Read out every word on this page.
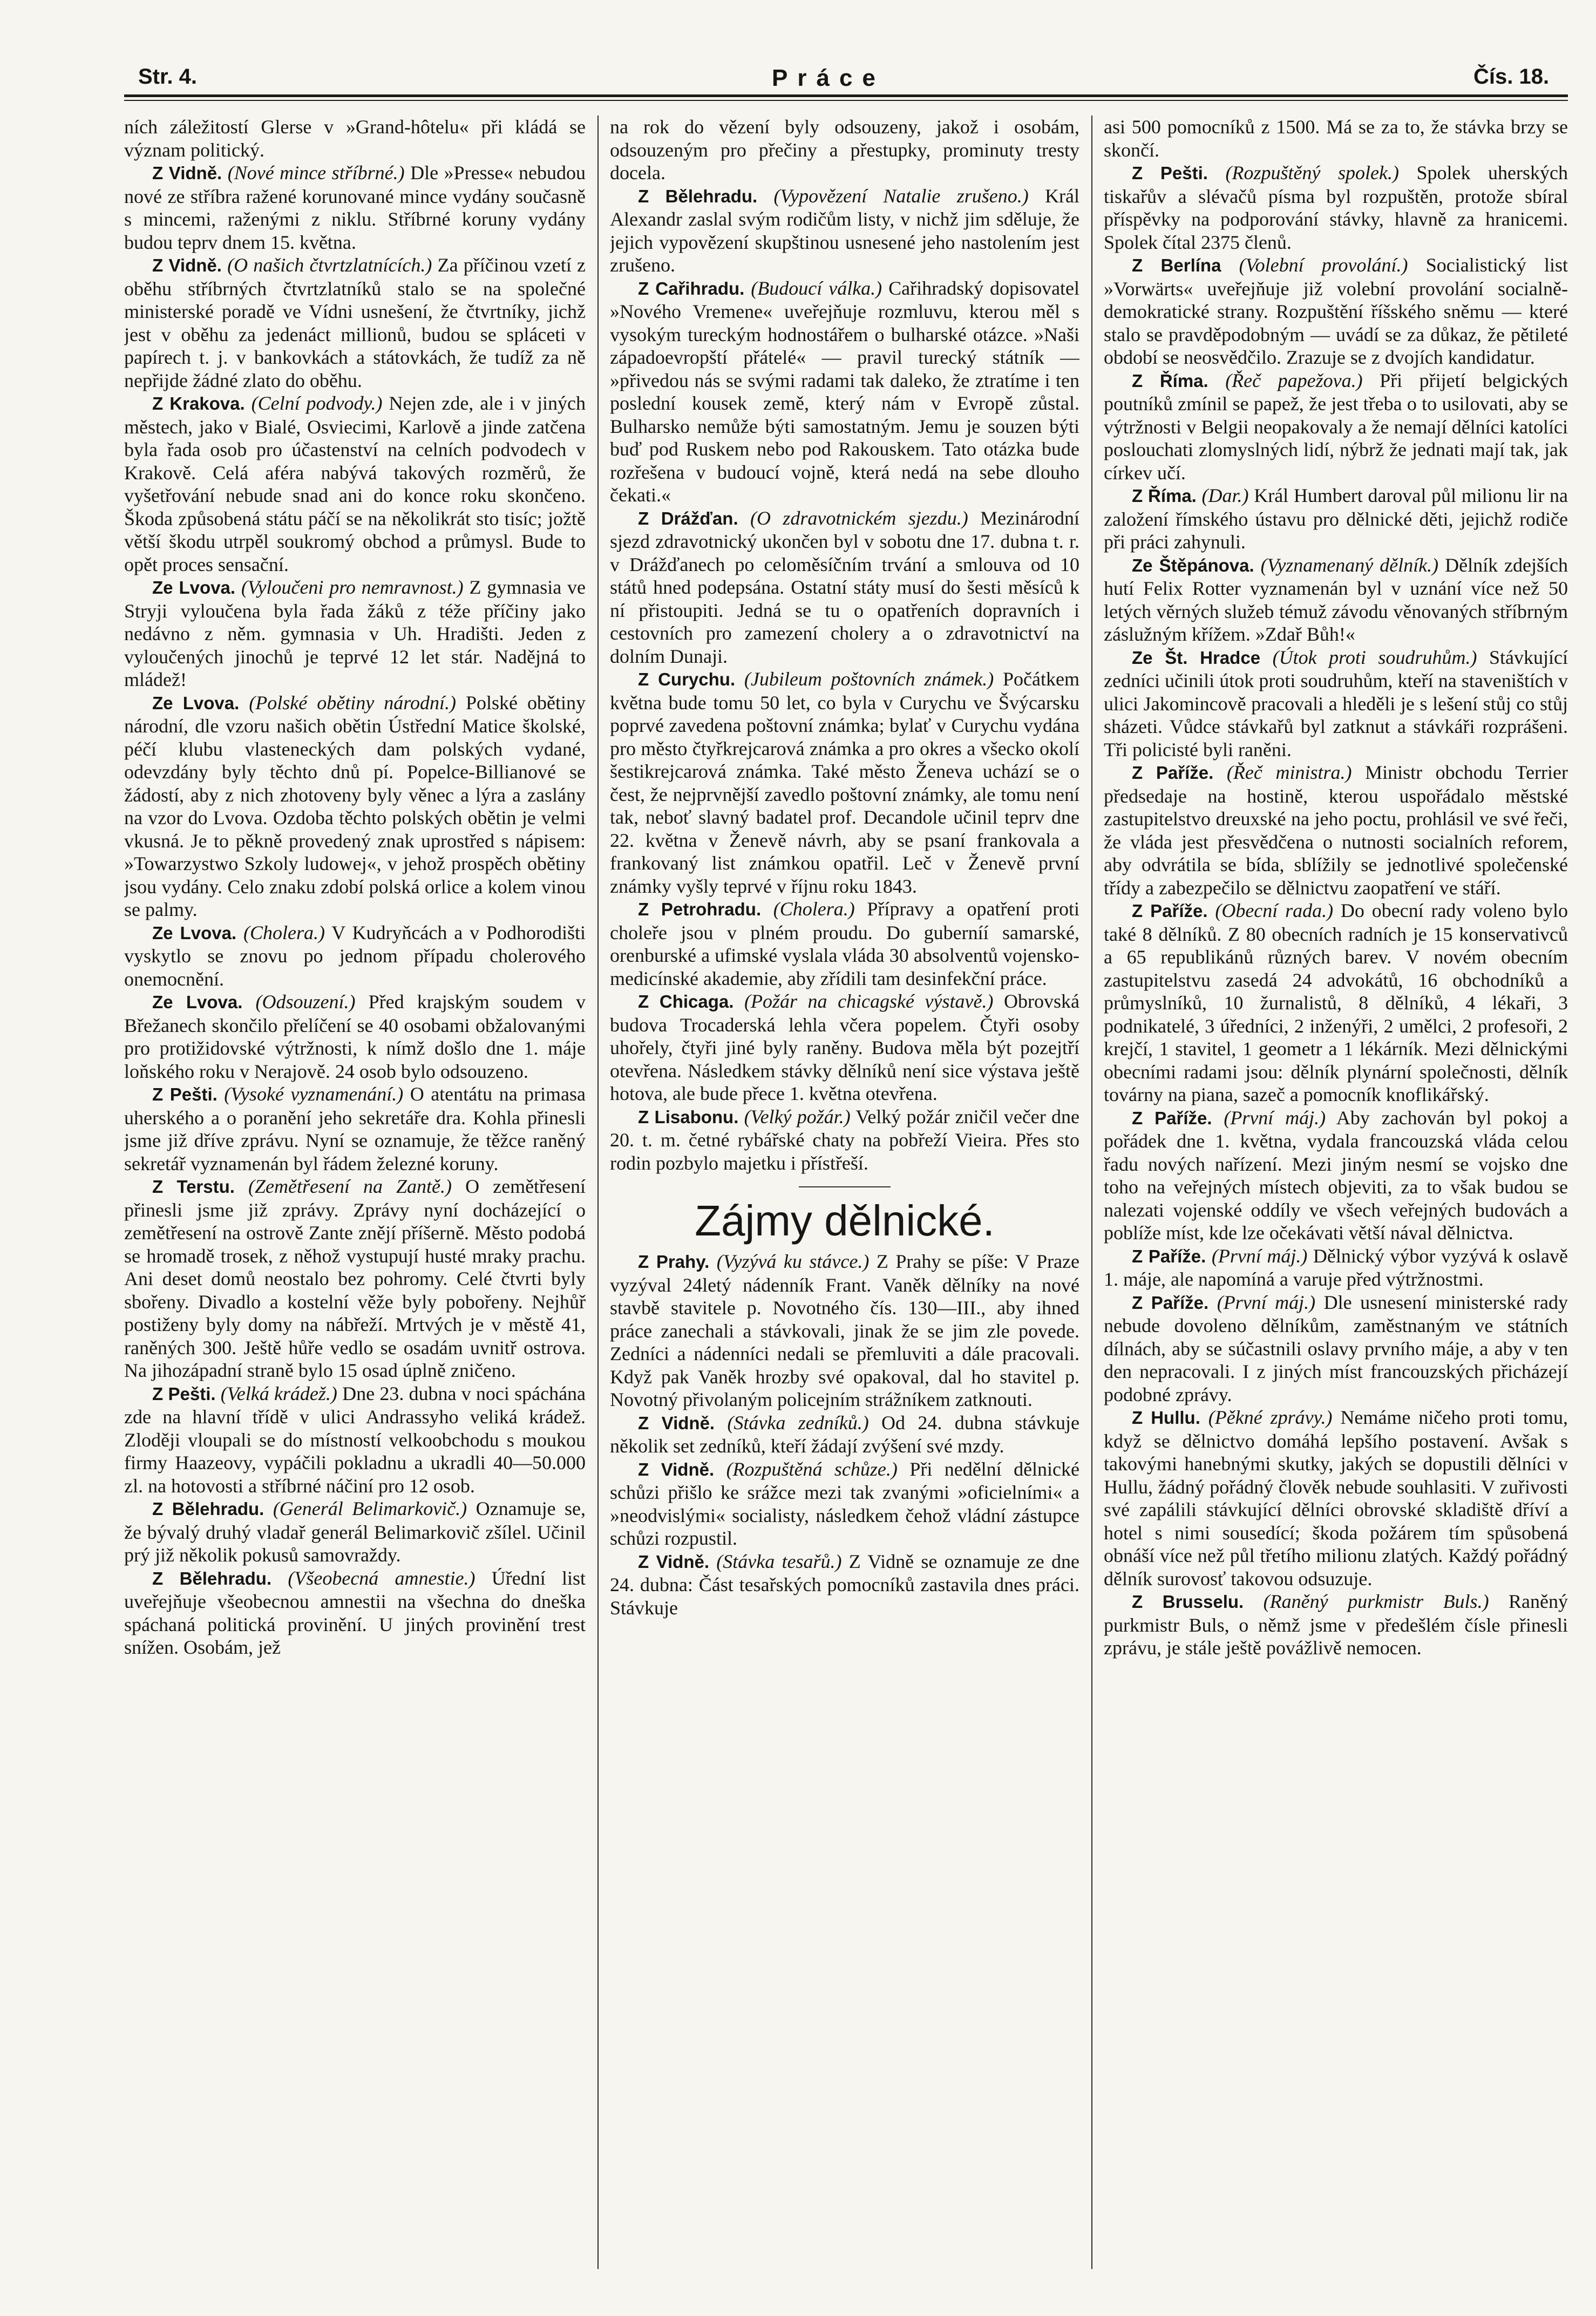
Str. 4.	Práce	Čís. 18.

ních záležitostí Glerse v »Grand-hôtelu« při kládá se význam politický.

Z Vidně. (Nové mince stříbrné.) Dle »Presse« nebudou nové ze stříbra ražené korunované mince vydány současně s mincemi, raženými z niklu. Stříbrné koruny vydány budou teprv dnem 15. května.

Z Vidně. (O našich čtvrtzlatnících.) Za příčinou vzetí z oběhu stříbrných čtvrtzlatníků stalo se na společné ministerské poradě ve Vídni usnešení, že čtvrtníky, jichž jest v oběhu za jedenáct millionů, budou se spláceti v papírech t. j. v bankovkách a státovkách, že tudíž za ně nepřijde žádné zlato do oběhu.

Z Krakova. (Celní podvody.) Nejen zde, ale i v jiných městech, jako v Bialé, Osviecimi, Karlově a jinde zatčena byla řada osob pro účastenství na celních podvodech v Krakově. Celá aféra nabývá takových rozměrů, že vyšetřování nebude snad ani do konce roku skončeno. Škoda způsobená státu páčí se na několikrát sto tisíc; jožtě větší škodu utrpěl soukromý obchod a průmysl. Bude to opět proces sensační.

Ze Lvova. (Vyloučeni pro nemravnost.) Z gymnasia ve Stryji vyloučena byla řada žáků z téže příčiny jako nedávno z něm. gymnasia v Uh. Hradišti. Jeden z vyloučených jinochů je teprvé 12 let stár. Nadějná to mládež!

Ze Lvova. (Polské obětiny národní.) Polské obětiny národní, dle vzoru našich obětin Ústřední Matice školské, péčí klubu vlasteneckých dam polských vydané, odevzdány byly těchto dnů pí. Popelce-Billianové se žádostí, aby z nich zhotoveny byly věnec a lýra a zaslány na vzor do Lvova. Ozdoba těchto polských obětin je velmi vkusná. Je to pěkně provedený znak uprostřed s nápisem: »Towarzystwo Szkoly ludowej«, v jehož prospěch obětiny jsou vydány. Celo znaku zdobí polská orlice a kolem vinou se palmy.

Ze Lvova. (Cholera.) V Kudryňcách a v Podhorodišti vyskytlo se znovu po jednom případu cholerového onemocnění.

Ze Lvova. (Odsouzení.) Před krajským soudem v Břežanech skončilo přelíčení se 40 osobami obžalovanými pro protižidovské výtržnosti, k nímž došlo dne 1. máje loňského roku v Nerajově. 24 osob bylo odsouzeno.

Z Pešti. (Vysoké vyznamenání.) O atentátu na primasa uherského a o poranění jeho sekretáře dra. Kohla přinesli jsme již dříve zprávu. Nyní se oznamuje, že těžce raněný sekretář vyznamenán byl řádem železné koruny.

Z Terstu. (Zemětřesení na Zantě.) O zemětřesení přinesli jsme již zprávy. Zprávy nyní docházející o zemětřesení na ostrově Zante znějí příšerně. Město podobá se hromadě trosek, z něhož vystupují husté mraky prachu. Ani deset domů neostalo bez pohromy. Celé čtvrti byly sbořeny. Divadlo a kostelní věže byly pobořeny. Nejhůř postiženy byly domy na nábřeží. Mrtvých je v městě 41, raněných 300. Ještě hůře vedlo se osadám uvnitř ostrova. Na jihozápadní straně bylo 15 osad úplně zničeno.

Z Pešti. (Velká krádež.) Dne 23. dubna v noci spáchána zde na hlavní třídě v ulici Andrassyho veliká krádež. Zloději vloupali se do místností velkoobchodu s moukou firmy Haazeovy, vypáčili pokladnu a ukradli 40—50.000 zl. na hotovosti a stříbrné náčiní pro 12 osob.

Z Bělehradu. (Generál Belimarkovič.) Oznamuje se, že bývalý druhý vladař generál Belimarkovič zšílel. Učinil prý již několik pokusů samovraždy.

Z Bělehradu. (Všeobecná amnestie.) Úřední list uveřejňuje všeobecnou amnestii na všechna do dneška spáchaná politická provinění. U jiných provinění trest snížen. Osobám, jež

na rok do vězení byly odsouzeny, jakož i osobám, odsouzeným pro přečiny a přestupky, prominuty tresty docela.

Z Bělehradu. (Vypovězení Natalie zrušeno.) Král Alexandr zaslal svým rodičům listy, v nichž jim sděluje, že jejich vypovězení skupštinou usnesené jeho nastolením jest zrušeno.

Z Cařihradu. (Budoucí válka.) Cařihradský dopisovatel »Nového Vremene« uveřejňuje rozmluvu, kterou měl s vysokým tureckým hodnostářem o bulharské otázce. »Naši západoevropští přátelé« — pravil turecký státník — »přivedou nás se svými radami tak daleko, že ztratíme i ten poslední kousek země, který nám v Evropě zůstal. Bulharsko nemůže býti samostatným. Jemu je souzen býti buď pod Ruskem nebo pod Rakouskem. Tato otázka bude rozřešena v budoucí vojně, která nedá na sebe dlouho čekati.«

Z Drážďan. (O zdravotnickém sjezdu.) Mezinárodní sjezd zdravotnický ukončen byl v sobotu dne 17. dubna t. r. v Drážďanech po celoměsíčním trvání a smlouva od 10 států hned podepsána. Ostatní státy musí do šesti měsíců k ní přistoupiti. Jedná se tu o opatřeních dopravních i cestovních pro zamezení cholery a o zdravotnictví na dolním Dunaji.

Z Curychu. (Jubileum poštovních známek.) Počátkem května bude tomu 50 let, co byla v Curychu ve Švýcarsku poprvé zavedena poštovní známka; bylať v Curychu vydána pro město čtyřkrejcarová známka a pro okres a všecko okolí šestikrejcarová známka. Také město Ženeva uchází se o čest, že nejprvnější zavedlo poštovní známky, ale tomu není tak, neboť slavný badatel prof. Decandole učinil teprv dne 22. května v Ženevě návrh, aby se psaní frankovala a frankovaný list známkou opatřil. Leč v Ženevě první známky vyšly teprvé v říjnu roku 1843.

Z Petrohradu. (Cholera.) Přípravy a opatření proti choleře jsou v plném proudu. Do guberníí samarské, orenburské a ufimské vyslala vláda 30 absolventů vojensko-medicínské akademie, aby zřídili tam desinfekční práce.

Z Chicaga. (Požár na chicagské výstavě.) Obrovská budova Trocaderská lehla včera popelem. Čtyři osoby uhořely, čtyři jiné byly raněny. Budova měla být pozejtří otevřena. Následkem stávky dělníků není sice výstava ještě hotova, ale bude přece 1. května otevřena.

Z Lisabonu. (Velký požár.) Velký požár zničil večer dne 20. t. m. četné rybářské chaty na pobřeží Vieira. Přes sto rodin pozbylo majetku i přístřeší.

Zájmy dělnické.

Z Prahy. (Vyzývá ku stávce.) Z Prahy se píše: V Praze vyzýval 24letý nádenník Frant. Vaněk dělníky na nové stavbě stavitele p. Novotného čís. 130—III., aby ihned práce zanechali a stávkovali, jinak že se jim zle povede. Zedníci a nádenníci nedali se přemluviti a dále pracovali. Když pak Vaněk hrozby své opakoval, dal ho stavitel p. Novotný přivolaným policejním strážníkem zatknouti.

Z Vidně. (Stávka zedníků.) Od 24. dubna stávkuje několik set zedníků, kteří žádají zvýšení své mzdy.

Z Vidně. (Rozpuštěná schůze.) Při nedělní dělnické schůzi přišlo ke srážce mezi tak zvanými »oficielními« a »neodvislými« socialisty, následkem čehož vládní zástupce schůzi rozpustil.

Z Vidně. (Stávka tesařů.) Z Vidně se oznamuje ze dne 24. dubna: Část tesařských pomocníků zastavila dnes práci. Stávkuje

asi 500 pomocníků z 1500. Má se za to, že stávka brzy se skončí.

Z Pešti. (Rozpuštěný spolek.) Spolek uherských tiskařův a slévačů písma byl rozpuštěn, protože sbíral příspěvky na podporování stávky, hlavně za hranicemi. Spolek čítal 2375 členů.

Z Berlína (Volební provolání.) Socialistický list »Vorwärts« uveřejňuje již volební provolání socialně-demokratické strany. Rozpuštění říšského sněmu — které stalo se pravděpodobným — uvádí se za důkaz, že pětileté období se neosvědčilo. Zrazuje se z dvojích kandidatur.

Z Říma. (Řeč papežova.) Při přijetí belgických poutníků zmínil se papež, že jest třeba o to usilovati, aby se výtržnosti v Belgii neopakovaly a že nemají dělníci katolíci poslouchati zlomyslných lidí, nýbrž že jednati mají tak, jak církev učí.

Z Říma. (Dar.) Král Humbert daroval půl milionu lir na založení římského ústavu pro dělnické děti, jejichž rodiče při práci zahynuli.

Ze Štěpánova. (Vyznamenaný dělník.) Dělník zdejších hutí Felix Rotter vyznamenán byl v uznání více než 50 letých věrných služeb témuž závodu věnovaných stříbrným záslužným křížem. »Zdař Bůh!«

Ze Št. Hradce (Útok proti soudruhům.) Stávkující zedníci učinili útok proti soudruhům, kteří na staveništích v ulici Jakomincově pracovali a hleděli je s lešení stůj co stůj sházeti. Vůdce stávkařů byl zatknut a stávkáři rozprášeni. Tři policisté byli raněni.

Z Paříže. (Řeč ministra.) Ministr obchodu Terrier předsedaje na hostině, kterou uspořádalo městské zastupitelstvo dreuxské na jeho poctu, prohlásil ve své řeči, že vláda jest přesvědčena o nutnosti socialních reforem, aby odvrátila se bída, sblížily se jednotlivé společenské třídy a zabezpečilo se dělnictvu zaopatření ve stáří.

Z Paříže. (Obecní rada.) Do obecní rady voleno bylo také 8 dělníků. Z 80 obecních radních je 15 konservativců a 65 republikánů různých barev. V novém obecním zastupitelstvu zasedá 24 advokátů, 16 obchodníků a průmyslníků, 10 žurnalistů, 8 dělníků, 4 lékaři, 3 podnikatelé, 3 úředníci, 2 inženýři, 2 umělci, 2 profesoři, 2 krejčí, 1 stavitel, 1 geometr a 1 lékárník. Mezi dělnickými obecními radami jsou: dělník plynární společnosti, dělník továrny na piana, sazeč a pomocník knoflikářský.

Z Paříže. (První máj.) Aby zachován byl pokoj a pořádek dne 1. května, vydala francouzská vláda celou řadu nových nařízení. Mezi jiným nesmí se vojsko dne toho na veřejných místech objeviti, za to však budou se nalezati vojenské oddíly ve všech veřejných budovách a poblíže míst, kde lze očekávati větší nával dělnictva.

Z Paříže. (První máj.) Dělnický výbor vyzývá k oslavě 1. máje, ale napomíná a varuje před výtržnostmi.

Z Paříže. (První máj.) Dle usnesení ministerské rady nebude dovoleno dělníkům, zaměstnaným ve státních dílnách, aby se súčastnili oslavy prvního máje, a aby v ten den nepracovali. I z jiných míst francouzských přicházejí podobné zprávy.

Z Hullu. (Pěkné zprávy.) Nemáme ničeho proti tomu, když se dělnictvo domáhá lepšího postavení. Avšak s takovými hanebnými skutky, jakých se dopustili dělníci v Hullu, žádný pořádný člověk nebude souhlasiti. V zuřivosti své zapálili stávkující dělníci obrovské skladiště dříví a hotel s nimi sousedící; škoda požárem tím spůsobená obnáší více než půl třetího milionu zlatých. Každý pořádný dělník surovosť takovou odsuzuje.

Z Brusselu. (Raněný purkmistr Buls.) Raněný purkmistr Buls, o němž jsme v předešlém čísle přinesli zprávu, je stále ještě povážlivě nemocen.
